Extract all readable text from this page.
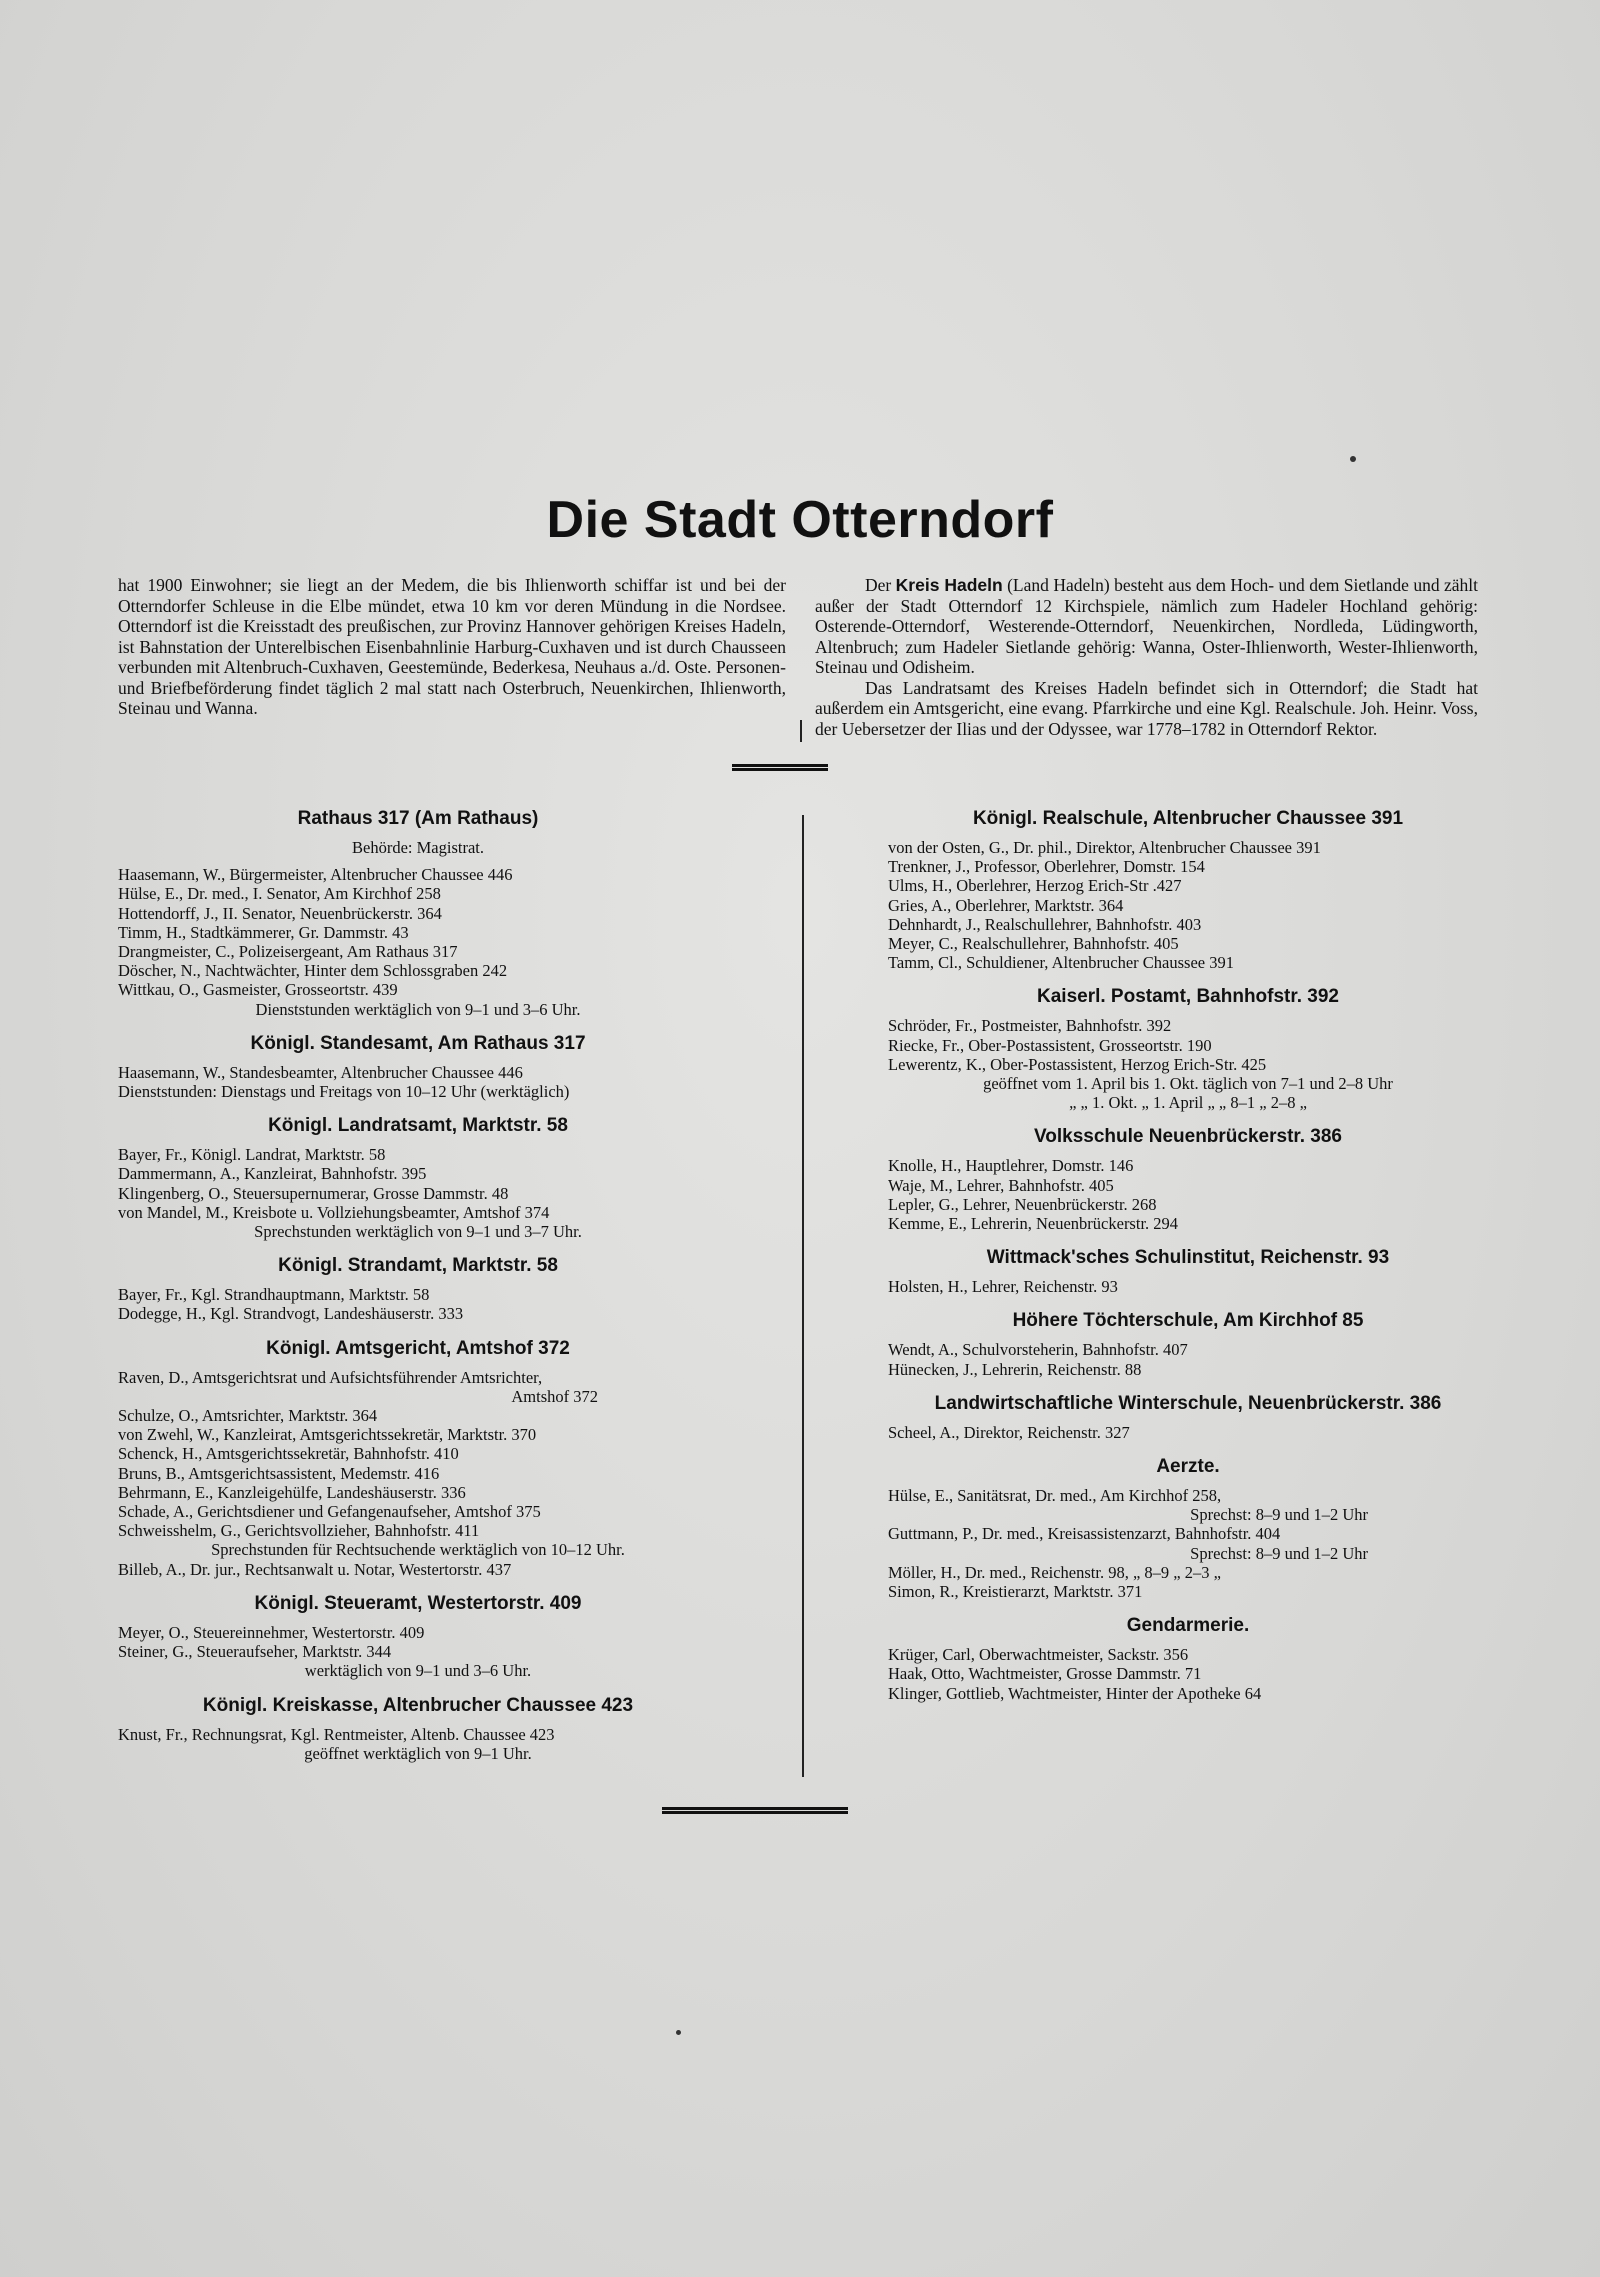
Die Stadt Otterndorf

hat 1900 Einwohner; sie liegt an der Medem, die bis Ihlienworth schiffar ist und bei der Otterndorfer Schleuse in die Elbe mündet, etwa 10 km vor deren Mündung in die Nordsee. Otterndorf ist die Kreisstadt des preußischen, zur Provinz Hannover gehörigen Kreises Hadeln, ist Bahnstation der Unterelbischen Eisenbahnlinie Harburg-Cuxhaven und ist durch Chausseen verbunden mit Altenbruch-Cuxhaven, Geestemünde, Bederkesa, Neuhaus a./d. Oste. Personen- und Briefbeförderung findet täglich 2 mal statt nach Osterbruch, Neuenkirchen, Ihlienworth, Steinau und Wanna.

Der Kreis Hadeln (Land Hadeln) besteht aus dem Hoch- und dem Sietlande und zählt außer der Stadt Otterndorf 12 Kirchspiele, nämlich zum Hadeler Hochland gehörig: Osterende-Otterndorf, Westerende-Otterndorf, Neuenkirchen, Nordleda, Lüdingworth, Altenbruch; zum Hadeler Sietlande gehörig: Wanna, Oster-Ihlienworth, Wester-Ihlienworth, Steinau und Odisheim.

Das Landratsamt des Kreises Hadeln befindet sich in Otterndorf; die Stadt hat außerdem ein Amtsgericht, eine evang. Pfarrkirche und eine Kgl. Realschule. Joh. Heinr. Voss, der Uebersetzer der Ilias und der Odyssee, war 1778–1782 in Otterndorf Rektor.

Rathaus 317 (Am Rathaus)
Behörde: Magistrat.
Haasemann, W., Bürgermeister, Altenbrucher Chaussee 446
Hülse, E., Dr. med., I. Senator, Am Kirchhof 258
Hottendorff, J., II. Senator, Neuenbrückerstr. 364
Timm, H., Stadtkämmerer, Gr. Dammstr. 43
Drangmeister, C., Polizeisergeant, Am Rathaus 317
Döscher, N., Nachtwächter, Hinter dem Schlossgraben 242
Wittkau, O., Gasmeister, Grosseortstr. 439
Dienststunden werktäglich von 9–1 und 3–6 Uhr.
Königl. Standesamt, Am Rathaus 317
Haasemann, W., Standesbeamter, Altenbrucher Chaussee 446
Dienststunden: Dienstags und Freitags von 10–12 Uhr (werktäglich)
Königl. Landratsamt, Marktstr. 58
Bayer, Fr., Königl. Landrat, Marktstr. 58
Dammermann, A., Kanzleirat, Bahnhofstr. 395
Klingenberg, O., Steuersupernumerar, Grosse Dammstr. 48
von Mandel, M., Kreisbote u. Vollziehungsbeamter, Amtshof 374
Sprechstunden werktäglich von 9–1 und 3–7 Uhr.
Königl. Strandamt, Marktstr. 58
Bayer, Fr., Kgl. Strandhauptmann, Marktstr. 58
Dodegge, H., Kgl. Strandvogt, Landeshäuserstr. 333
Königl. Amtsgericht, Amtshof 372
Raven, D., Amtsgerichtsrat und Aufsichtsführender Amtsrichter,
Amtshof 372
Schulze, O., Amtsrichter, Marktstr. 364
von Zwehl, W., Kanzleirat, Amtsgerichtssekretär, Marktstr. 370
Schenck, H., Amtsgerichtssekretär, Bahnhofstr. 410
Bruns, B., Amtsgerichtsassistent, Medemstr. 416
Behrmann, E., Kanzleigehülfe, Landeshäuserstr. 336
Schade, A., Gerichtsdiener und Gefangenaufseher, Amtshof 375
Schweisshelm, G., Gerichtsvollzieher, Bahnhofstr. 411
Sprechstunden für Rechtsuchende werktäglich von 10–12 Uhr.
Billeb, A., Dr. jur., Rechtsanwalt u. Notar, Westertorstr. 437
Königl. Steueramt, Westertorstr. 409
Meyer, O., Steuereinnehmer, Westertorstr. 409
Steiner, G., Steueraufseher, Marktstr. 344
werktäglich von 9–1 und 3–6 Uhr.
Königl. Kreiskasse, Altenbrucher Chaussee 423
Knust, Fr., Rechnungsrat, Kgl. Rentmeister, Altenb. Chaussee 423
geöffnet werktäglich von 9–1 Uhr.
Königl. Realschule, Altenbrucher Chaussee 391
von der Osten, G., Dr. phil., Direktor, Altenbrucher Chaussee 391
Trenkner, J., Professor, Oberlehrer, Domstr. 154
Ulms, H., Oberlehrer, Herzog Erich-Str .427
Gries, A., Oberlehrer, Marktstr. 364
Dehnhardt, J., Realschullehrer, Bahnhofstr. 403
Meyer, C., Realschullehrer, Bahnhofstr. 405
Tamm, Cl., Schuldiener, Altenbrucher Chaussee 391
Kaiserl. Postamt, Bahnhofstr. 392
Schröder, Fr., Postmeister, Bahnhofstr. 392
Riecke, Fr., Ober-Postassistent, Grosseortstr. 190
Lewerentz, K., Ober-Postassistent, Herzog Erich-Str. 425
geöffnet vom 1. April bis 1. Okt. täglich von 7–1 und 2–8 Uhr
„ „ 1. Okt. „ 1. April „ „ 8–1 „ 2–8 „
Volksschule Neuenbrückerstr. 386
Knolle, H., Hauptlehrer, Domstr. 146
Waje, M., Lehrer, Bahnhofstr. 405
Lepler, G., Lehrer, Neuenbrückerstr. 268
Kemme, E., Lehrerin, Neuenbrückerstr. 294
Wittmack'sches Schulinstitut, Reichenstr. 93
Holsten, H., Lehrer, Reichenstr. 93
Höhere Töchterschule, Am Kirchhof 85
Wendt, A., Schulvorsteherin, Bahnhofstr. 407
Hünecken, J., Lehrerin, Reichenstr. 88
Landwirtschaftliche Winterschule, Neuenbrückerstr. 386
Scheel, A., Direktor, Reichenstr. 327
Aerzte.
Hülse, E., Sanitätsrat, Dr. med., Am Kirchhof 258,
Sprechst: 8–9 und 1–2 Uhr
Guttmann, P., Dr. med., Kreisassistenzarzt, Bahnhofstr. 404
Sprechst: 8–9 und 1–2 Uhr
Möller, H., Dr. med., Reichenstr. 98, „ 8–9 „ 2–3 „
Simon, R., Kreistierarzt, Marktstr. 371
Gendarmerie.
Krüger, Carl, Oberwachtmeister, Sackstr. 356
Haak, Otto, Wachtmeister, Grosse Dammstr. 71
Klinger, Gottlieb, Wachtmeister, Hinter der Apotheke 64
